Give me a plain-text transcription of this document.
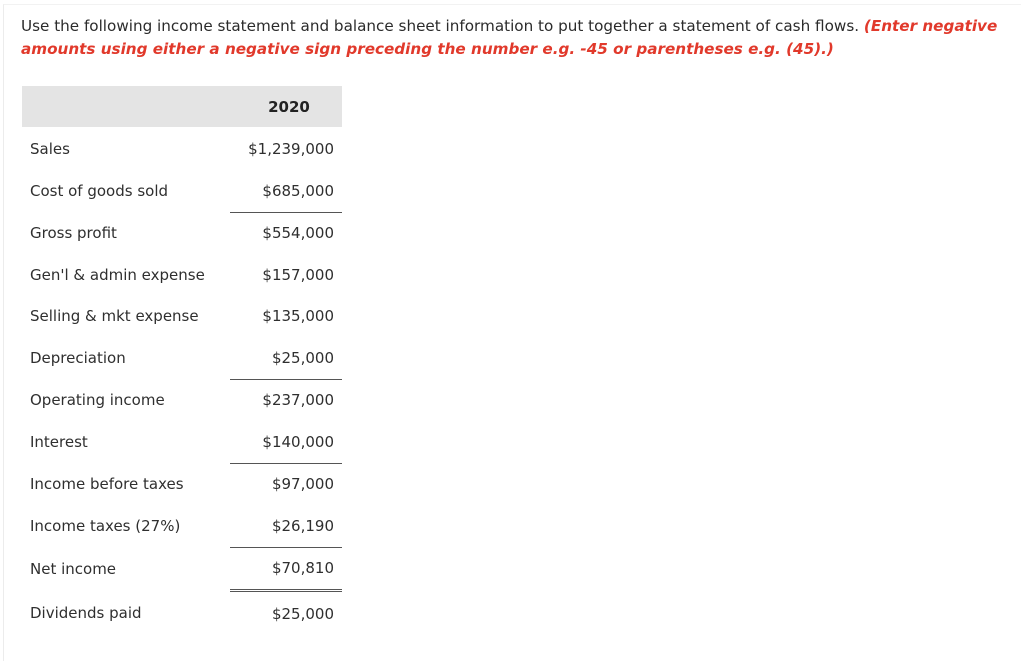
Use the following income statement and balance sheet information to put together a statement of cash flows. (Enter negative amounts using either a negative sign preceding the number e.g. -45 or parentheses e.g. (45).)
	2020
Sales	$1,239,000
Cost of goods sold	$685,000
Gross profit	$554,000
Gen'l & admin expense	$157,000
Selling & mkt expense	$135,000
Depreciation	$25,000
Operating income	$237,000
Interest	$140,000
Income before taxes	$97,000
Income taxes (27%)	$26,190
Net income	$70,810
Dividends paid	$25,000
